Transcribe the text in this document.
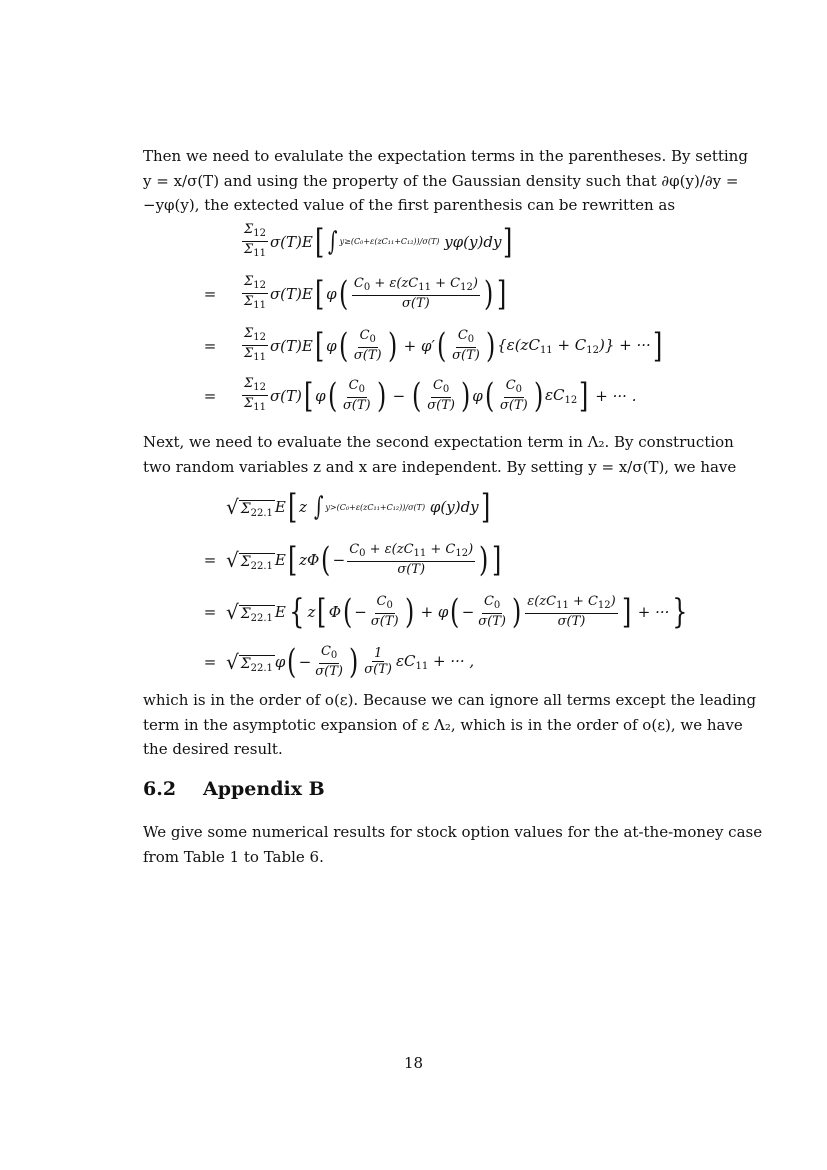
Then we need to evalulate the expectation terms in the parentheses. By setting
y = x/σ(T) and using the property of the Gaussian density such that ∂φ(y)/∂y =
−yφ(y), the extected value of the first parenthesis can be rewritten as

$\frac{\Sigma_{12}}{\Sigma_{11}} \sigma(T)E$ [ ∫ y≥(C₀+ε(zC₁₁+C₁₂))/σ(T) yφ(y)dy ]
= $\frac{\Sigma_{12}}{\Sigma_{11}} \sigma(T)E$ [ φ ( $\frac{C_0 + \varepsilon(zC_{11} + C_{12})}{\sigma(T)}$ ) ]
= $\frac{\Sigma_{12}}{\Sigma_{11}} \sigma(T)E$ [ φ ( $\frac{C_0}{\sigma(T)}$ ) + φ′ ( $\frac{C_0}{\sigma(T)}$ ) $\{\varepsilon(zC_{11} + C_{12})\}$ + ··· ]
= $\frac{\Sigma_{12}}{\Sigma_{11}} \sigma(T)$ [ φ ( $\frac{C_0}{\sigma(T)}$ ) − ( $\frac{C_0}{\sigma(T)}$ ) φ ( $\frac{C_0}{\sigma(T)}$ ) $\varepsilon C_{12}$ ] + ··· .

Next, we need to evaluate the second expectation term in Λ₂. By construction
two random variables z and x are independent. By setting y = x/σ(T), we have

√ $\Sigma_{22.1}$ E [ z ∫ y>(C₀+ε(zC₁₁+C₁₂))/σ(T) φ(y)dy ]
= √ $\Sigma_{22.1}$ E [ zΦ ( − $\frac{C_0 + \varepsilon(zC_{11} + C_{12})}{\sigma(T)}$ ) ]
= √ $\Sigma_{22.1}$ E { z [ Φ ( − $\frac{C_0}{\sigma(T)}$ ) + φ ( − $\frac{C_0}{\sigma(T)}$ ) $\frac{\varepsilon(zC_{11} + C_{12})}{\sigma(T)}$ ] + ··· }
= √ $\Sigma_{22.1}$ φ ( − $\frac{C_0}{\sigma(T)}$ ) $\frac{1}{\sigma(T)} \varepsilon C_{11}$ + ··· ,

which is in the order of o(ε). Because we can ignore all terms except the leading
term in the asymptotic expansion of ε Λ₂, which is in the order of o(ε), we have
the desired result.

6.2 Appendix B

We give some numerical results for stock option values for the at-the-money case
from Table 1 to Table 6.

18
